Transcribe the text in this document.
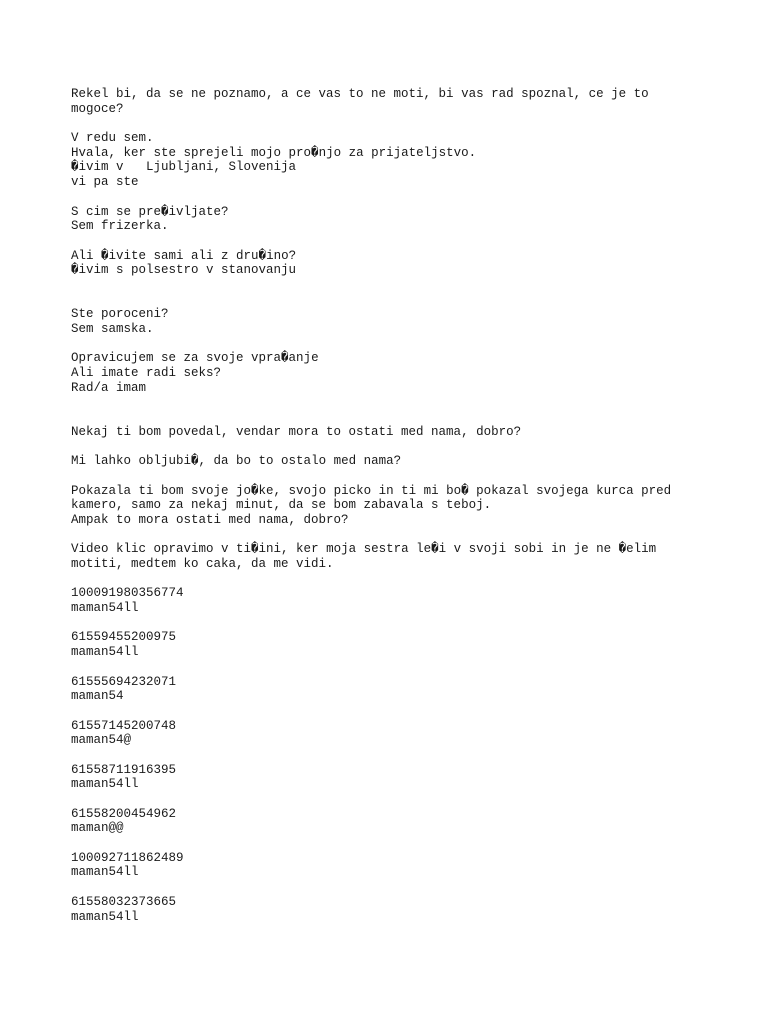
Rekel bi, da se ne poznamo, a ce vas to ne moti, bi vas rad spoznal, ce je to
mogoce?
V redu sem.
Hvala, ker ste sprejeli mojo pro�njo za prijateljstvo.
�ivim v   Ljubljani, Slovenija
vi pa ste
S cim se pre�ivljate?
Sem frizerka.
Ali �ivite sami ali z dru�ino?
�ivim s polsestro v stanovanju
Ste poroceni?
Sem samska.
Opravicujem se za svoje vpra�anje
Ali imate radi seks?
Rad/a imam
Nekaj ti bom povedal, vendar mora to ostati med nama, dobro?
Mi lahko obljubi�, da bo to ostalo med nama?
Pokazala ti bom svoje jo�ke, svojo picko in ti mi bo� pokazal svojega kurca pred
kamero, samo za nekaj minut, da se bom zabavala s teboj.
Ampak to mora ostati med nama, dobro?
Video klic opravimo v ti�ini, ker moja sestra le�i v svoji sobi in je ne �elim
motiti, medtem ko caka, da me vidi.
100091980356774
maman54ll
61559455200975
maman54ll
61555694232071
maman54
61557145200748
maman54@
61558711916395
maman54ll
61558200454962
maman@@
100092711862489
maman54ll
61558032373665
maman54ll
